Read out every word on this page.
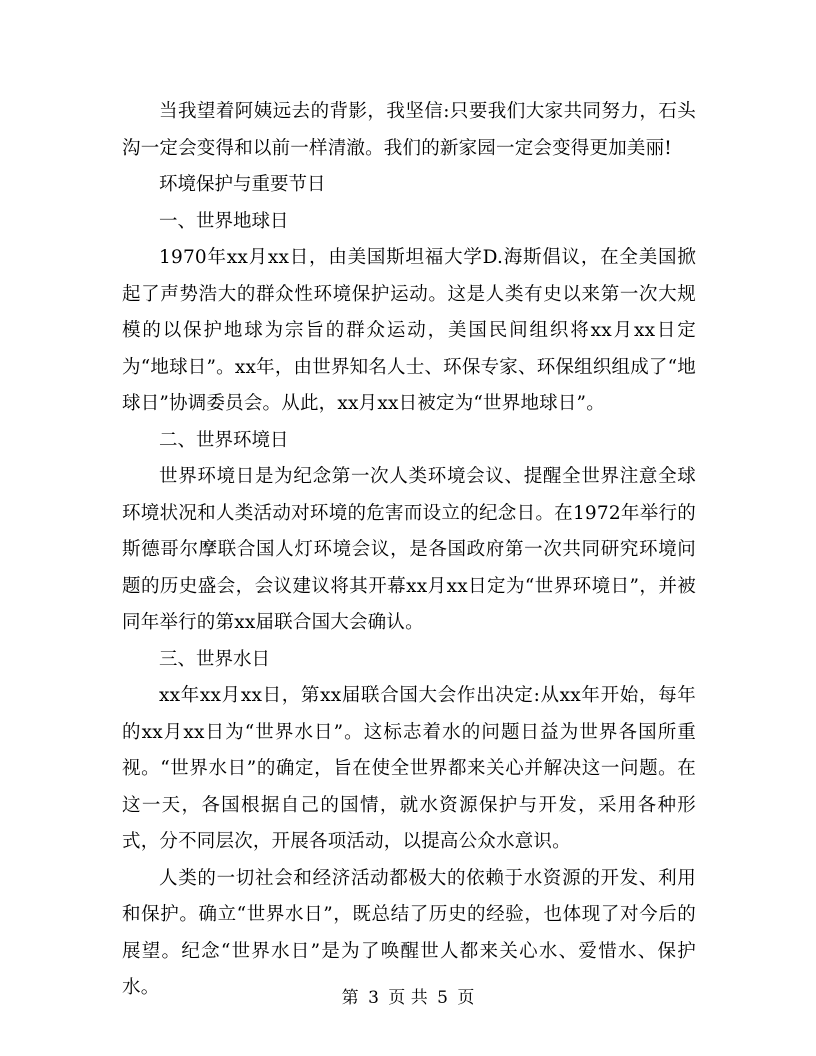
当我望着阿姨远去的背影，我坚信:只要我们大家共同努力，石头沟一定会变得和以前一样清澈。我们的新家园一定会变得更加美丽!

环境保护与重要节日

一、世界地球日

1970年xx月xx日，由美国斯坦福大学D.海斯倡议，在全美国掀起了声势浩大的群众性环境保护运动。这是人类有史以来第一次大规模的以保护地球为宗旨的群众运动，美国民间组织将xx月xx日定为“地球日”。xx年，由世界知名人士、环保专家、环保组织组成了“地球日”协调委员会。从此，xx月xx日被定为“世界地球日”。

二、世界环境日

世界环境日是为纪念第一次人类环境会议、提醒全世界注意全球环境状况和人类活动对环境的危害而设立的纪念日。在1972年举行的斯德哥尔摩联合国人灯环境会议，是各国政府第一次共同研究环境问题的历史盛会，会议建议将其开幕xx月xx日定为“世界环境日”，并被同年举行的第xx届联合国大会确认。

三、世界水日

xx年xx月xx日，第xx届联合国大会作出决定:从xx年开始，每年的xx月xx日为“世界水日”。这标志着水的问题日益为世界各国所重视。“世界水日”的确定，旨在使全世界都来关心并解决这一问题。在这一天，各国根据自己的国情，就水资源保护与开发，采用各种形式，分不同层次，开展各项活动，以提高公众水意识。

人类的一切社会和经济活动都极大的依赖于水资源的开发、利用和保护。确立“世界水日”，既总结了历史的经验，也体现了对今后的展望。纪念“世界水日”是为了唤醒世人都来关心水、爱惜水、保护水。	第 3 页 共 5 页
